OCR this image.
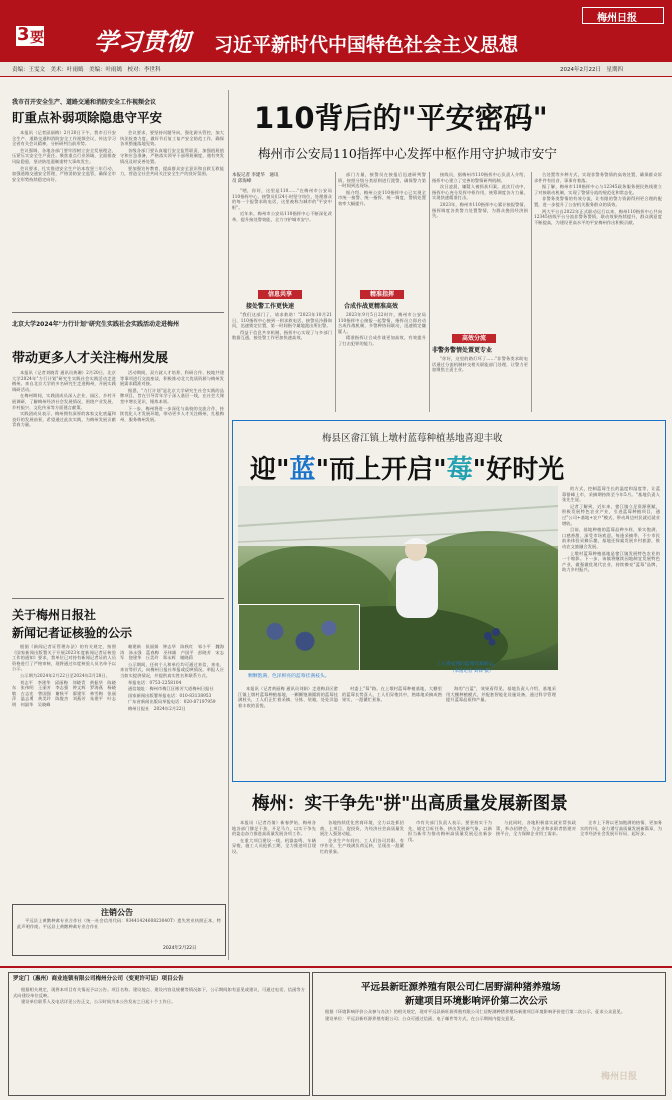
3 要闻 学习贯彻 习近平新时代中国特色社会主义思想
梅州日报
责编：王雯文　美术：叶雨嫣　美编：叶雨嫣　校对：李世科	2024年2月22日　星期四
我市召开安全生产、道路交通和消防安全工作视频会议
盯重点补弱项除隐患守平安

本报讯（记者邱丽梅）2月20日下午，我市召开安全生产、道路交通和消防安全工作视频会议，传达学习全省有关会议精神，分析研判当前形势。

会议强调，各地各部门要牢固树立安全发展理念，压紧压实安全生产责任。聚焦重点行业领域，全面排查风险隐患，坚决防范遏制重特大事故发生。

会议要求，扎实推进安全生产治本攻坚三年行动，加强道路交通安全管理，严格消防安全监管，确保全市安全形势持续稳定向好。

会议要求，要坚持问题导向，强化源头管控，加大执法检查力度。做好节后复工复产安全防范工作，确保各项措施落地见效。

各级各部门要认真履行安全监管职责，加强值班值守和应急准备，严格落实领导干部带班制度，遇有突发情况及时妥善处置。

要加强宣传教育，提高群众安全意识和自救互救能力，营造全社会共同关注安全生产的良好氛围。

北京大学2024年"力行计划"研究生实践社会实践活动走进梅州
带动更多人才关注梅州发展

本报讯（记者刘晓青 通讯员黄珊）2月20日，北京大学2024年"力行计划"研究生实践社会实践活动走进梅州。来自北京大学的多名研究生走进梅州，开展实践调研活动。

在梅州期间，实践团成员深入企业、园区、乡村开展调研，了解梅州经济社会发展情况，围绕产业发展、乡村振兴、文化传承等方面建言献策。

实践团成员表示，梅州拥有深厚的客家文化底蕴和良好的发展前景，希望通过此次实践，为梅州发展贡献青春力量。

活动期间，双方就人才培养、科研合作、校地共建等事项进行交流座谈，积极推动北大优质资源与梅州发展需求精准对接。

据悉，"力行计划"是北京大学研究生社会实践的品牌项目，旨在引导青年学子深入基层一线，在社会大课堂中增长见识、锤炼本领。

下一步，梅州将进一步深化与高校的交流合作，持续优化人才发展环境，带动更多人才关注梅州、扎根梅州、服务梅州发展。

关于梅州日报社
新闻记者证核验的公示

根据《新闻记者证管理办法》的有关规定，按照《国家新闻出版署关于开展2023年度新闻记者证核验工作的通知》要求，我单位已对持有新闻记者证的人员资格进行了严格审核，现将通过年度核验人员名单予以公示。

公示期为2024年2月22日至2024年2月28日。

刘志平　李建华　邱丽梅　刘晓青　黄振华　陈晓东　张伟明　王丽芳　李志强　钟文辉　罗海燕　杨晓敏　古志宏　曾国强　谢秋平　廖建军　林雪梅　张丽萍　温志勇　黄美玲　陈俊杰　刘燕芳　朱建平　叶志明　何淑华　吴晓峰

赖建新　侯丽娟　钟志华　陈秋红　邹小平　魏海涛　汤永强　蓝春梅　巫伟雄　卢国平　彭晓芳　宋志军　饶建华　丘美玲　郑永辉　谢晓莉

公示期间，任何个人和单位均可通过来信、来电、来访等形式，向梅州日报社举报或反映情况。举报人应当如实提供情况，并提供真实姓名和联系方式。

举报电话：0753-2258104

通信地址：梅州市梅江区彬芳大道梅州日报社

国家新闻出版署举报电话：010-83138953

广东省新闻出版局举报电话：020-87197959

梅州日报社　2024年2月22日

注销公告

平远县上黄鹅种禽专业合作社（统一社会信用代码：9344142460823040T）遗失营业执照正本，特此声明作废。平远县上黄鹅种禽专业合作社

2024年2月22日
110背后的"平安密码"
梅州市公安局110指挥中心发挥中枢作用守护城市安宁
本报记者 李建华　通讯员 邱海峰

"喂，你好，这里是110……"在梅州市公安局110指挥中心，接警员们24小时坚守岗位，处理群众的每一个报警求助电话，这里被称为城市的"平安中枢"。

近年来，梅州市公安局110指挥中心不断深化改革，提升接处警效能，全力守护城市安宁。

信息共享
接处警工作更快速

"我们这部门了，请求救助！"2023年10月21日，110指挥中心接到一则求救电话，接警员冷静询问，迅速锁定位置，第一时间指令属地派出所出警。

得益于信息共享机制，指挥中心实现了与多部门数据互通，接处警工作更加快速高效。

部门力量，接警员在接报后迅速研判警情，按照分级分类原则进行派警，确保警力第一时间到达现场。

据介绍，梅州公安110指挥中心已实现全市统一接警、统一指挥、统一调度，警情处置效率大幅提升。

精准指挥
合成作战更精准高效

2023年9月5日22时许，梅州市公安局110指挥中心接报一起警情，指挥员立即启动合成作战机制，多警种协同联动，迅速锁定嫌疑人。

精准指挥让合成作战更加高效，有效提升了打击犯罪的能力。

接线员，据梅州市110指挥中心负责人介绍，指挥中心建立了完善的警情研判机制。

次日凌晨，嫌疑人被抓获归案。此次行动中，指挥中心充分发挥中枢作用，统筹调度各方力量，实现快速精准打击。

2023年，梅州市110指挥中心累计接报警情，指挥调度各类警力处置警情，为群众挽回经济损失。

高效分流
非警务警情处置更专业

"你好，这里的路灯坏了……"非警务类求助电话通过分流机制转交相关职能部门处理，让警力更加聚焦主责主业。

合处置等多种方式，实现非警务警情的高效处置，确保群众诉求件件有回音、事事有着落。

据了解，梅州市110指挥中心与12345政务服务便民热线建立了对接联动机制，实现了警情分流的规范化和常态化。

非警务类警情的有效分流，让有限的警力资源得到更合理的配置，进一步提升了公安机关服务群众的质效。

两大平台自2022年正式联动运行以来，梅州110指挥中心共向12345热线平台分流非警务警情，联动效果持续提升，群众满意度不断提高，为建设更高水平的平安梅州作出积极贡献。

梅县区畲江镇上墩村蓝莓种植基地喜迎丰收
迎"蓝"而上开启"莓"好时光
颗颗饱满、色泽鲜亮的蓝莓挂满枝头。
工人将成熟的蓝莓装箱转运。
（本报记者 刘锋 摄）

的方式，控制蓝莓生长的温度和湿度等，让蓝莓错峰上市，采摘期持续至今年5月。"基地负责人张先生说。

记者了解到，近年来，畲江镇立足资源禀赋，积极发展特色农业产业，引进蓝莓种植项目，通过"公司+基地+农户"模式，带动周边村民就近就业增收。

目前，基地种植的蓝莓品种多样，果实饱满、口感香甜，深受市场欢迎。每逢采摘季，不少市民前来体验采摘乐趣，基地还探索发展乡村旅游，推动农文旅融合发展。

上墩村蓝莓种植基地是畲江镇发展特色农业的一个缩影。下一步，该镇将继续因地制宜发展特色产业，做强做优现代农业，持续擦亮"蓝莓"品牌，助力乡村振兴。

本报讯（记者黄丽梅 通讯员刘娟）走进梅县区畲江镇上墩村蓝莓种植基地，一颗颗饱满圆润的蓝莓挂满枝头，工人们正忙着采摘、分拣、装箱，处处洋溢着丰收的喜悦。

村委上"莓"路。在上墩村蓝莓种植基地，大棚里的蓝莓长势喜人，工人们穿梭其中，熟练地采摘成熟果实，一派繁忙景象。

海的"白蓝"，效果看得见。基地负责人介绍，基地采用大棚种植模式，并配套智能化设施设备，通过科学管理提升蓝莓品质和产量。

梅州：实干争先"拼"出高质量发展新图景

本报讯（记者肖倩）新春伊始，梅州各地各部门铆足干劲、开足马力，以实干争先的姿态奋力推进高质量发展各项工作。

在重大项目建设一线，机器轰鸣、车辆穿梭，施工人员抢抓工期，全力推进项目建设。

各地持续优化营商环境，全力以赴抓招商、上项目、促投资，为经济社会高质量发展注入强劲动能。

企业生产车间内，工人们各司其职、有序作业，生产线满负荷运转，呈现出一派繁忙的景象。

市有关部门负责人表示，要坚持实干为先，锚定目标任务，拼出发展新气象，以新担当新作为推动梅州高质量发展迈出新步伐。

与此同时，各地积极落实就业帮扶政策，举办招聘会，为企业和求职者搭建对接平台，全力保障企业用工需求。

全市上下将以更加饱满的热情、更加务实的作风，奋力谱写高质量发展新篇章，为全市经济社会发展开好局、起好步。

罗定门（惠州）商业连锁有限公司梅州分公司（变更许可证）项目公告

根据相关规定，现将本项目有关情况予以公告。项目名称、建设地点、建设内容及规模等情况如下，公示期间如有意见或建议，可通过电话、信函等方式向建设单位反映。

建设单位联系人及电话详见公告正文，公示时间为本公告发布之日起十个工作日。

平远县新旺源养殖有限公司仁居野湖种猪养殖场
新建项目环境影响评价第二次公示

根据《环境影响评价公众参与办法》的相关规定，现对平远县新旺源养殖有限公司仁居野湖种猪养殖场新建项目环境影响评价进行第二次公示，征求公众意见。

建设单位：平远县新旺源养殖有限公司；公众可通过信函、电子邮件等方式，在公示期间内提交意见。

梅州日报
